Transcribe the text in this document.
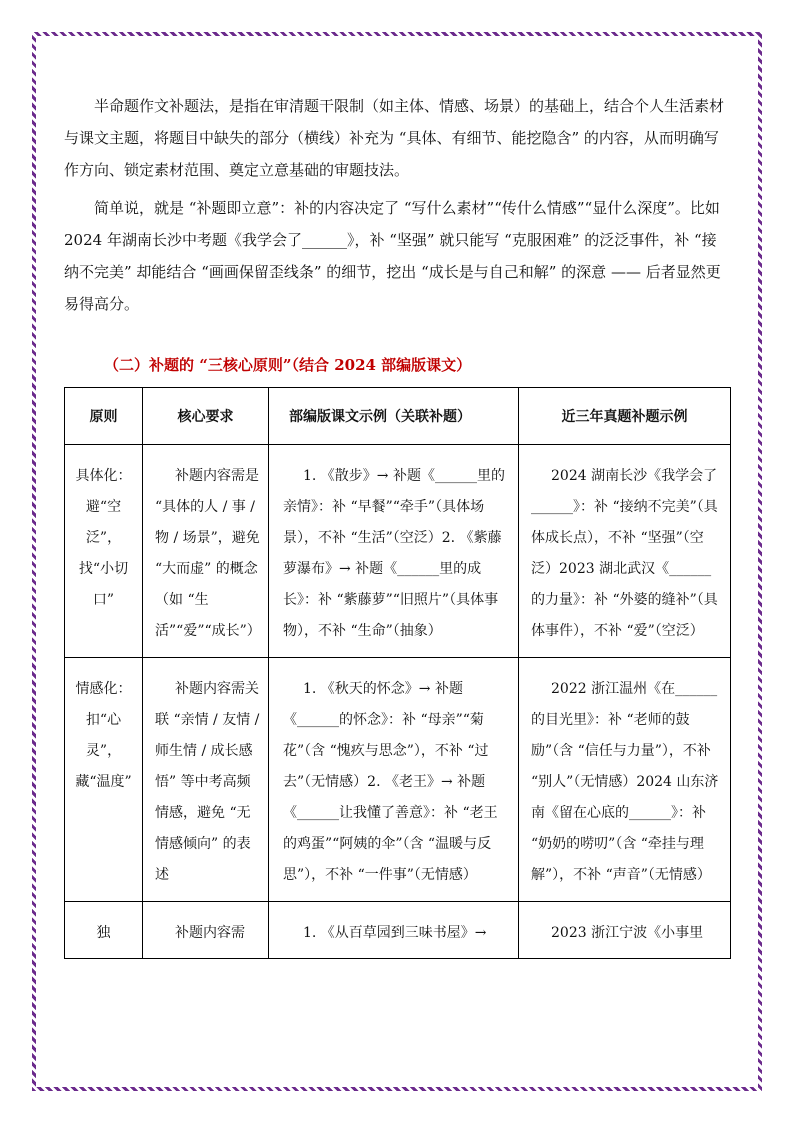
半命题作文补题法，是指在审清题干限制（如主体、情感、场景）的基础上，结合个人生活素材与课文主题，将题目中缺失的部分（横线）补充为 “具体、有细节、能挖隐含” 的内容，从而明确写作方向、锁定素材范围、奠定立意基础的审题技法。

简单说，就是 “补题即立意”：补的内容决定了 “写什么素材”“传什么情感”“显什么深度”。比如 2024 年湖南长沙中考题《我学会了______》，补 “坚强” 就只能写 “克服困难” 的泛泛事件，补 “接纳不完美” 却能结合 “画画保留歪线条” 的细节，挖出 “成长是与自己和解” 的深意 —— 后者显然更易得高分。

（二）补题的 “三核心原则”（结合 2024 部编版课文）
原则	核心要求	部编版课文示例（关联补题）	近三年真题补题示例
具体化：避“空泛”，找“小切口”	补题内容需是 “具体的人 / 事 / 物 / 场景”，避免 “大而虚” 的概念（如 “生活”“爱”“成长”）	1. 《散步》→ 补题《______里的亲情》：补 “早餐”“牵手”（具体场景），不补 “生活”（空泛）2. 《紫藤萝瀑布》→ 补题《______里的成长》：补 “紫藤萝”“旧照片”（具体事物），不补 “生命”（抽象）	2024 湖南长沙《我学会了______》：补 “接纳不完美”（具体成长点），不补 “坚强”（空泛）2023 湖北武汉《______的力量》：补 “外婆的缝补”（具体事件），不补 “爱”（空泛）
情感化：扣“心灵”，藏“温度”	补题内容需关联 “亲情 / 友情 / 师生情 / 成长感悟” 等中考高频情感，避免 “无情感倾向” 的表述	1. 《秋天的怀念》→ 补题《______的怀念》：补 “母亲”“菊花”（含 “愧疚与思念”），不补 “过去”（无情感）2. 《老王》→ 补题《______让我懂了善意》：补 “老王的鸡蛋”“阿姨的伞”（含 “温暖与反思”），不补 “一件事”（无情感）	2022 浙江温州《在______的目光里》：补 “老师的鼓励”（含 “信任与力量”），不补 “别人”（无情感）2024 山东济南《留在心底的______》：补 “奶奶的唠叨”（含 “牵挂与理解”），不补 “声音”（无情感）
独	补题内容需	1. 《从百草园到三味书屋》→	2023 浙江宁波《小事里
